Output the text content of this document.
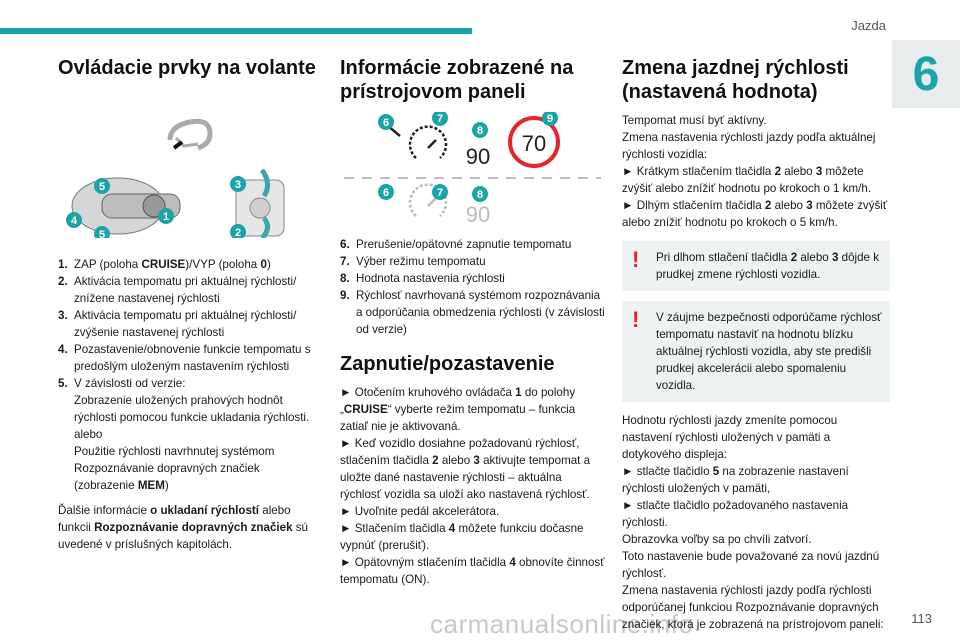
Jazda
6
113
carmanualsonline.info
Ovládacie prvky na volante
5
4
5
1
3
2
1. ZAP (poloha CRUISE)/VYP (poloha 0)
2. Aktivácia tempomatu pri aktuálnej rýchlosti/ znížene nastavenej rýchlosti
3. Aktivácia tempomatu pri aktuálnej rýchlosti/ zvýšenie nastavenej rýchlosti
4. Pozastavenie/obnovenie funkcie tempomatu s predošlým uloženým nastavením rýchlosti
5. V závislosti od verzie:
Zobrazenie uložených prahových hodnôt rýchlosti pomocou funkcie ukladania rýchlosti.
alebo
Použitie rýchlosti navrhnutej systémom Rozpoznávanie dopravných značiek
(zobrazenie MEM)

Ďalšie informácie o ukladaní rýchlostí alebo funkcii Rozpoznávanie dopravných značiek sú uvedené v príslušných kapitolách.

Informácie zobrazené na prístrojovom paneli
90
70
90
6	7
8
9
6	7	8
6. Prerušenie/opätovné zapnutie tempomatu
7. Výber režimu tempomatu
8. Hodnota nastavenia rýchlosti
9. Rýchlosť navrhovaná systémom rozpoznávania a odporúčania obmedzenia rýchlosti (v závislosti od verzie)
Zapnutie/pozastavenie

► Otočením kruhového ovládača 1 do polohy „CRUISE“ vyberte režim tempomatu – funkcia zatiaľ nie je aktivovaná.

► Keď vozidlo dosiahne požadovanú rýchlosť, stlačením tlačidla 2 alebo 3 aktivujte tempomat a uložte dané nastavenie rýchlosti – aktuálna rýchlosť vozidla sa uloží ako nastavená rýchlosť.

► Uvoľnite pedál akcelerátora.

► Stlačením tlačidla 4 môžete funkciu dočasne vypnúť (prerušiť).

► Opätovným stlačením tlačidla 4 obnovíte činnosť tempomatu (ON).

Zmena jazdnej rýchlosti (nastavená hodnota)

Tempomat musí byť aktívny.

Zmena nastavenia rýchlosti jazdy podľa aktuálnej rýchlosti vozidla:

► Krátkym stlačením tlačidla 2 alebo 3 môžete zvýšiť alebo znížiť hodnotu po krokoch o 1 km/h.

► Dlhým stlačením tlačidla 2 alebo 3 môžete zvýšiť alebo znížiť hodnotu po krokoch o 5 km/h.

! Pri dlhom stlačení tlačidla 2 alebo 3 dôjde k prudkej zmene rýchlosti vozidla.
! V záujme bezpečnosti odporúčame rýchlosť tempomatu nastaviť na hodnotu blízku aktuálnej rýchlosti vozidla, aby ste predišli prudkej akcelerácii alebo spomaleniu vozidla.

Hodnotu rýchlosti jazdy zmeníte pomocou nastavení rýchlosti uložených v pamäti a dotykového displeja:

► stlačte tlačidlo 5 na zobrazenie nastavení rýchlosti uložených v pamäti,

► stlačte tlačidlo požadovaného nastavenia rýchlosti.

Obrazovka voľby sa po chvíli zatvorí.

Toto nastavenie bude považované za novú jazdnú rýchlosť.

Zmena nastavenia rýchlosti jazdy podľa rýchlosti odporúčanej funkciou Rozpoznávanie dopravných značiek, ktorá je zobrazená na prístrojovom paneli:
